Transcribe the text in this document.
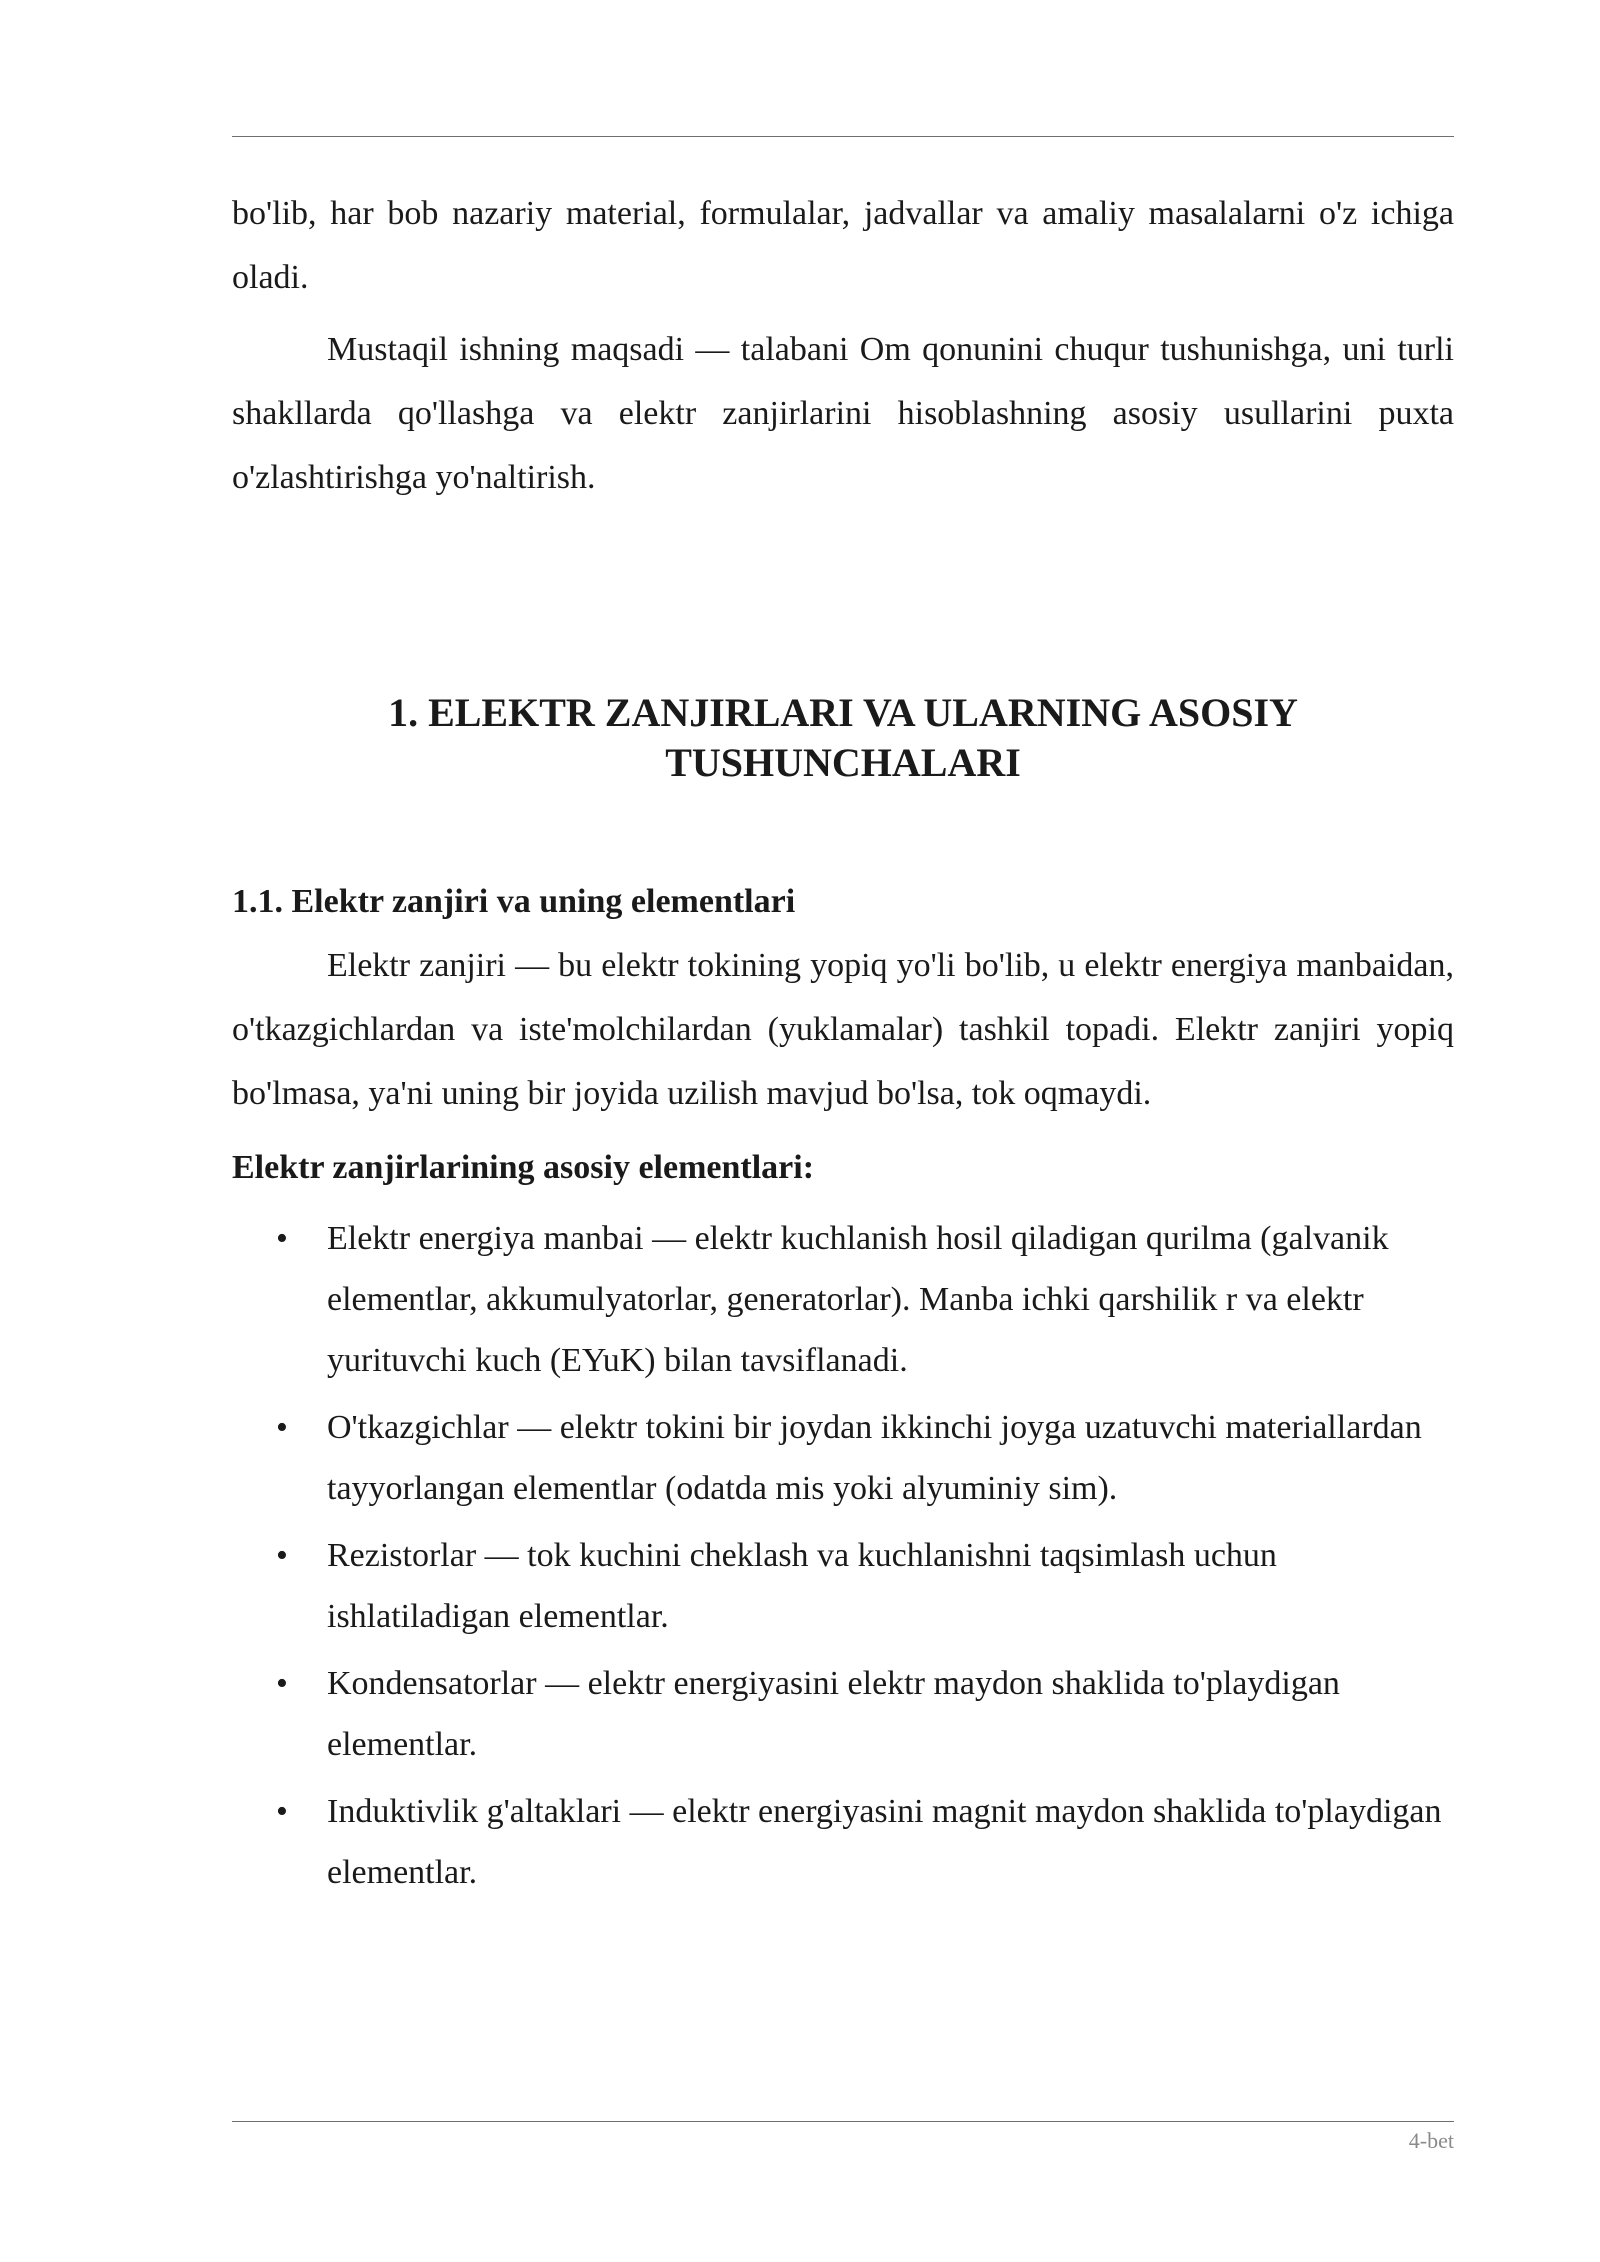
bo'lib, har bob nazariy material, formulalar, jadvallar va amaliy masalalarni o'z ichiga oladi.

Mustaqil ishning maqsadi — talabani Om qonunini chuqur tushunishga, uni turli shakllarda qo'llashga va elektr zanjirlarini hisoblashning asosiy usullarini puxta o'zlashtirishga yo'naltirish.

1. ELEKTR ZANJIRLARI VA ULARNING ASOSIY
TUSHUNCHALARI
1.1. Elektr zanjiri va uning elementlari

Elektr zanjiri — bu elektr tokining yopiq yo'li bo'lib, u elektr energiya manbaidan, o'tkazgichlardan va iste'molchilardan (yuklamalar) tashkil topadi. Elektr zanjiri yopiq bo'lmasa, ya'ni uning bir joyida uzilish mavjud bo'lsa, tok oqmaydi.

Elektr zanjirlarining asosiy elementlari:

• Elektr energiya manbai — elektr kuchlanish hosil qiladigan qurilma (galvanik elementlar, akkumulyatorlar, generatorlar). Manba ichki qarshilik r va elektr yurituvchi kuch (EYuK) bilan tavsiflanadi.
• O'tkazgichlar — elektr tokini bir joydan ikkinchi joyga uzatuvchi materiallardan tayyorlangan elementlar (odatda mis yoki alyuminiy sim).
• Rezistorlar — tok kuchini cheklash va kuchlanishni taqsimlash uchun ishlatiladigan elementlar.
• Kondensatorlar — elektr energiyasini elektr maydon shaklida to'playdigan elementlar.
• Induktivlik g'altaklari — elektr energiyasini magnit maydon shaklida to'playdigan elementlar.
4-bet
